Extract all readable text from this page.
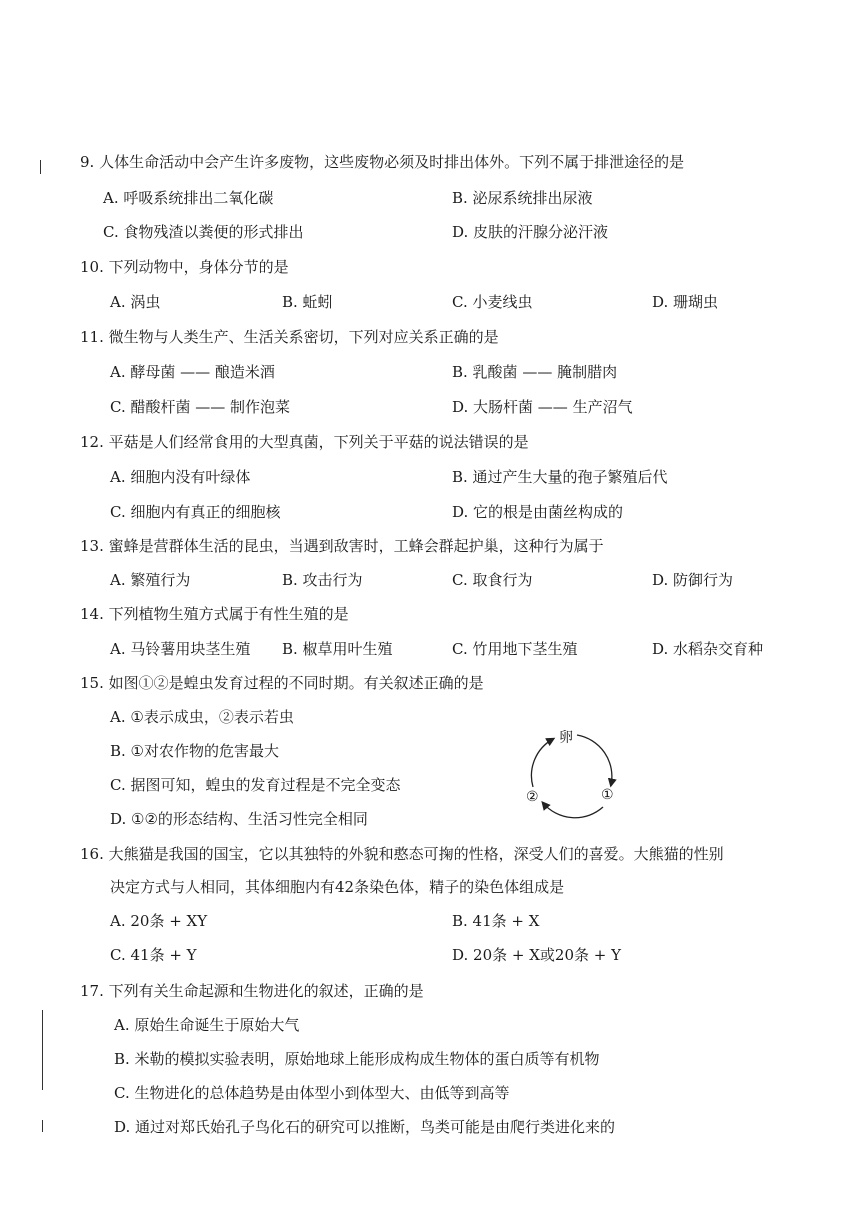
9. 人体生命活动中会产生许多废物，这些废物必须及时排出体外。下列不属于排泄途径的是
A. 呼吸系统排出二氧化碳	B. 泌尿系统排出尿液
C. 食物残渣以粪便的形式排出	D. 皮肤的汗腺分泌汗液
10. 下列动物中，身体分节的是
A. 涡虫	B. 蚯蚓	C. 小麦线虫	D. 珊瑚虫
11. 微生物与人类生产、生活关系密切，下列对应关系正确的是
A. 酵母菌 —— 酿造米酒	B. 乳酸菌 —— 腌制腊肉
C. 醋酸杆菌 —— 制作泡菜	D. 大肠杆菌 —— 生产沼气
12. 平菇是人们经常食用的大型真菌，下列关于平菇的说法错误的是
A. 细胞内没有叶绿体	B. 通过产生大量的孢子繁殖后代
C. 细胞内有真正的细胞核	D. 它的根是由菌丝构成的
13. 蜜蜂是营群体生活的昆虫，当遇到敌害时，工蜂会群起护巢，这种行为属于
A. 繁殖行为	B. 攻击行为	C. 取食行为	D. 防御行为
14. 下列植物生殖方式属于有性生殖的是
A. 马铃薯用块茎生殖 B. 椒草用叶生殖	C. 竹用地下茎生殖	D. 水稻杂交育种
15. 如图①②是蝗虫发育过程的不同时期。有关叙述正确的是
A. ①表示成虫，②表示若虫
B. ①对农作物的危害最大
C. 据图可知，蝗虫的发育过程是不完全变态
D. ①②的形态结构、生活习性完全相同
卵
②	①
16. 大熊猫是我国的国宝，它以其独特的外貌和憨态可掬的性格，深受人们的喜爱。大熊猫的性别
决定方式与人相同，其体细胞内有42条染色体，精子的染色体组成是
A. 20条 + XY	B. 41条 + X
C. 41条 + Y	D. 20条 + X或20条 + Y
17. 下列有关生命起源和生物进化的叙述，正确的是
A. 原始生命诞生于原始大气
B. 米勒的模拟实验表明，原始地球上能形成构成生物体的蛋白质等有机物
C. 生物进化的总体趋势是由体型小到体型大、由低等到高等
D. 通过对郑氏始孔子鸟化石的研究可以推断，鸟类可能是由爬行类进化来的
